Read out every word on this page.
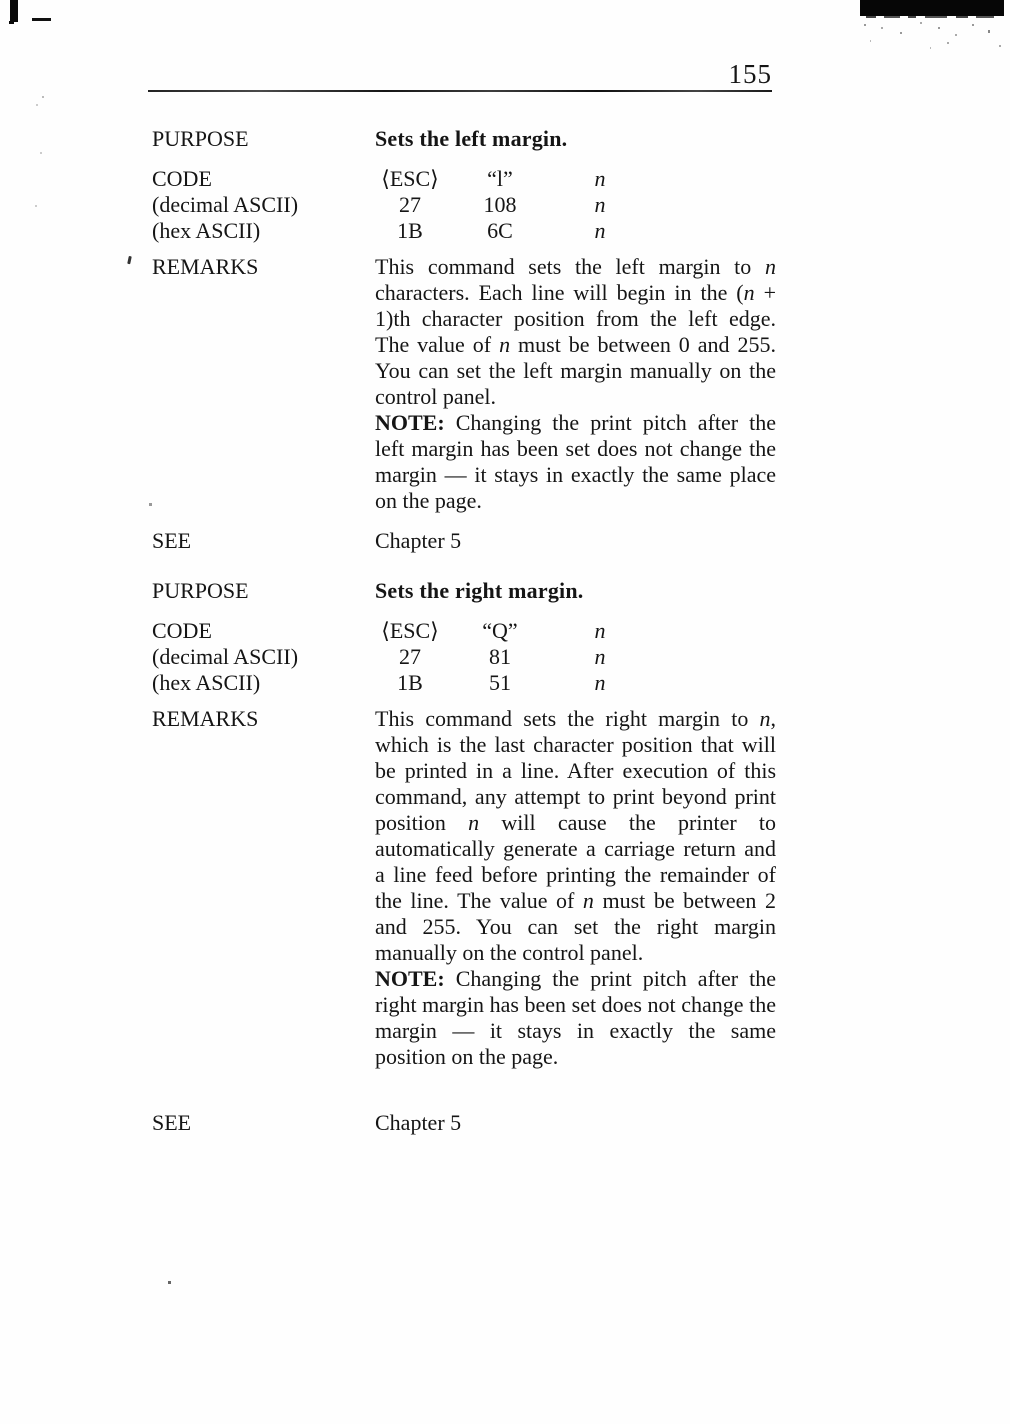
155
PURPOSE	Sets the left margin.
CODE	⟨ESC⟩	“l”	n
(decimal ASCII)	27	108	n
(hex ASCII)	1B	6C	n
REMARKS	This command sets the left margin to n characters. Each line will begin in the (n + 1)th character position from the left edge. The value of n must be between 0 and 255. You can set the left margin manually on the control panel.

NOTE: Changing the print pitch after the left margin has been set does not change the margin — it stays in exactly the same place on the page.

SEE	Chapter 5
PURPOSE	Sets the right margin.
CODE	⟨ESC⟩	“Q”	n
(decimal ASCII)	27	81	n
(hex ASCII)	1B	51	n
REMARKS	This command sets the right margin to n, which is the last character position that will be printed in a line. After execution of this command, any attempt to print beyond print position n will cause the printer to automatically generate a carriage return and a line feed before printing the remainder of the line. The value of n must be between 2 and 255. You can set the right margin manually on the control panel.

NOTE: Changing the print pitch after the right margin has been set does not change the margin — it stays in exactly the same position on the page.

SEE	Chapter 5
